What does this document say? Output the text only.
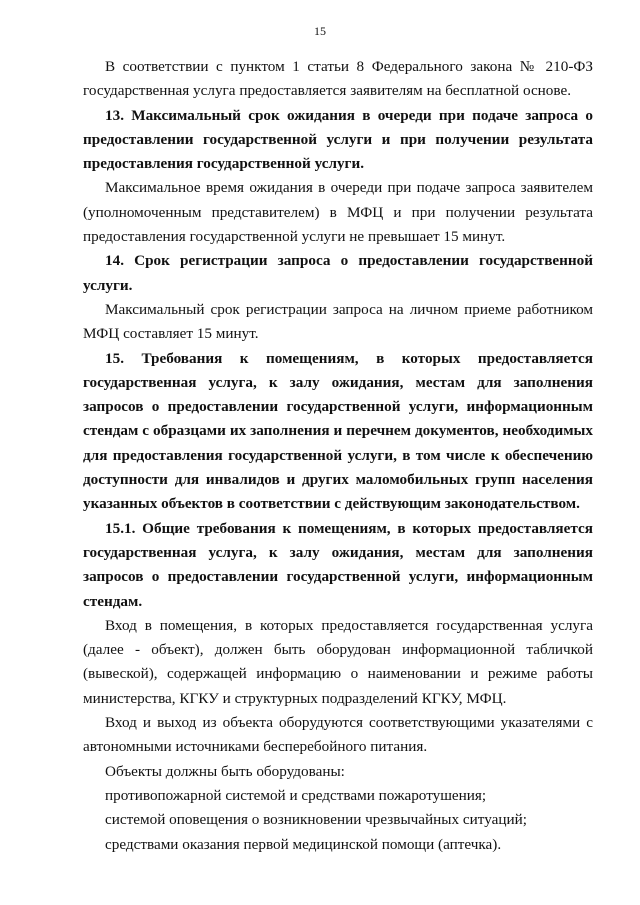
15

В соответствии с пунктом 1 статьи 8 Федерального закона № 210-ФЗ государственная услуга предоставляется заявителям на бесплатной основе.

13. Максимальный срок ожидания в очереди при подаче запроса о предоставлении государственной услуги и при получении результата предоставления государственной услуги.

Максимальное время ожидания в очереди при подаче запроса заявителем (уполномоченным представителем) в МФЦ и при получении результата предоставления государственной услуги не превышает 15 минут.

14. Срок регистрации запроса о предоставлении государственной услуги.

Максимальный срок регистрации запроса на личном приеме работником МФЦ составляет 15 минут.

15. Требования к помещениям, в которых предоставляется государственная услуга, к залу ожидания, местам для заполнения запросов о предоставлении государственной услуги, информационным стендам с образцами их заполнения и перечнем документов, необходимых для предоставления государственной услуги, в том числе к обеспечению доступности для инвалидов и других маломобильных групп населения указанных объектов в соответствии с действующим законодательством.

15.1. Общие требования к помещениям, в которых предоставляется государственная услуга, к залу ожидания, местам для заполнения запросов о предоставлении государственной услуги, информационным стендам.

Вход в помещения, в которых предоставляется государственная услуга (далее - объект), должен быть оборудован информационной табличкой (вывеской), содержащей информацию о наименовании и режиме работы министерства, КГКУ и структурных подразделений КГКУ, МФЦ.

Вход и выход из объекта оборудуются соответствующими указателями с автономными источниками бесперебойного питания.

Объекты должны быть оборудованы:

противопожарной системой и средствами пожаротушения;

системой оповещения о возникновении чрезвычайных ситуаций;

средствами оказания первой медицинской помощи (аптечка).
